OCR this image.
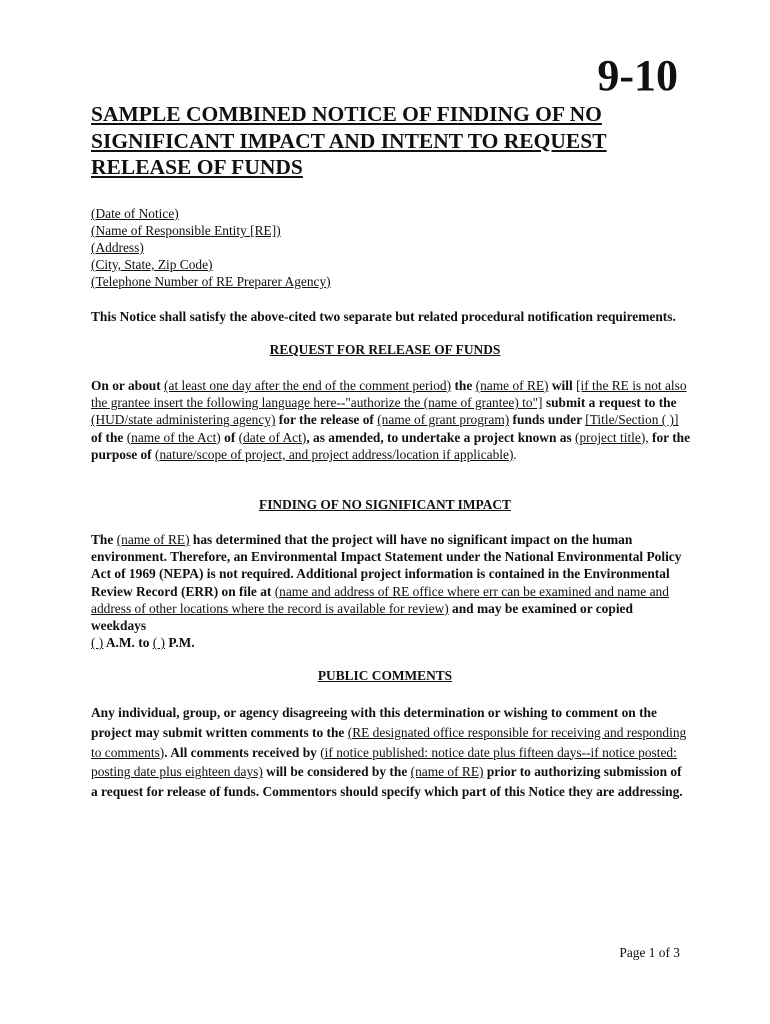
9-10
SAMPLE COMBINED NOTICE OF FINDING OF NO
SIGNIFICANT IMPACT AND INTENT TO REQUEST
RELEASE OF FUNDS
(Date of Notice)
(Name of Responsible Entity [RE])
(Address)
(City, State, Zip Code)
(Telephone Number of RE Preparer Agency)
This Notice shall satisfy the above-cited two separate but related procedural notification requirements.
REQUEST FOR RELEASE OF FUNDS
On or about (at least one day after the end of the comment period) the (name of RE) will [if the RE is not also the grantee insert the following language here--"authorize the (name of grantee) to"] submit a request to the (HUD/state administering agency) for the release of (name of grant program) funds under [Title/Section ( )] of the (name of the Act) of (date of Act), as amended, to undertake a project known as (project title), for the purpose of (nature/scope of project, and project address/location if applicable).
FINDING OF NO SIGNIFICANT IMPACT
The (name of RE) has determined that the project will have no significant impact on the human environment. Therefore, an Environmental Impact Statement under the National Environmental Policy Act of 1969 (NEPA) is not required. Additional project information is contained in the Environmental Review Record (ERR) on file at (name and address of RE office where err can be examined and name and address of other locations where the record is available for review) and may be examined or copied weekdays
( ) A.M. to ( ) P.M.
PUBLIC COMMENTS
Any individual, group, or agency disagreeing with this determination or wishing to comment on the project may submit written comments to the (RE designated office responsible for receiving and responding to comments). All comments received by (if notice published: notice date plus fifteen days--if notice posted: posting date plus eighteen days) will be considered by the (name of RE) prior to authorizing submission of a request for release of funds. Commentors should specify which part of this Notice they are addressing.
Page 1 of 3
